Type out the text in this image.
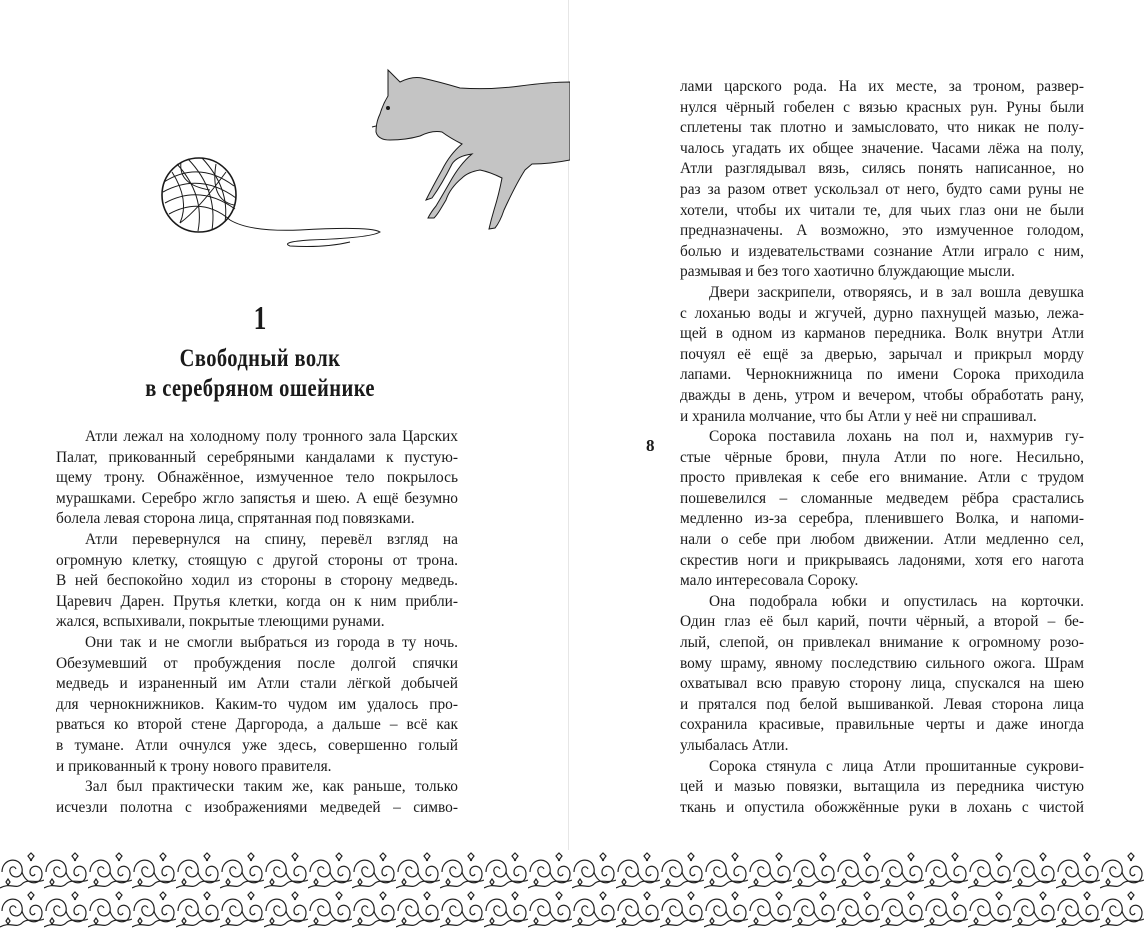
1
Свободный волк
в серебряном ошейнике
Атли лежал на холодному полу тронного зала Царских
Палат, прикованный серебряными кандалами к пустую-
щему трону. Обнажённое, измученное тело покрылось
мурашками. Серебро жгло запястья и шею. А ещё безумно
болела левая сторона лица, спрятанная под повязками.
Атли перевернулся на спину, перевёл взгляд на
огромную клетку, стоящую с другой стороны от трона.
В ней беспокойно ходил из стороны в сторону медведь.
Царевич Дарен. Прутья клетки, когда он к ним прибли-
жался, вспыхивали, покрытые тлеющими рунами.
Они так и не смогли выбраться из города в ту ночь.
Обезумевший от пробуждения после долгой спячки
медведь и израненный им Атли стали лёгкой добычей
для чернокнижников. Каким-то чудом им удалось про-
рваться ко второй стене Даргорода, а дальше – всё как
в тумане. Атли очнулся уже здесь, совершенно голый
и прикованный к трону нового правителя.
Зал был практически таким же, как раньше, только
исчезли полотна с изображениями медведей – симво-
8
лами царского рода. На их месте, за троном, развер-
нулся чёрный гобелен с вязью красных рун. Руны были
сплетены так плотно и замысловато, что никак не полу-
чалось угадать их общее значение. Часами лёжа на полу,
Атли разглядывал вязь, силясь понять написанное, но
раз за разом ответ ускользал от него, будто сами руны не
хотели, чтобы их читали те, для чьих глаз они не были
предназначены. А возможно, это измученное голодом,
болью и издевательствами сознание Атли играло с ним,
размывая и без того хаотично блуждающие мысли.
Двери заскрипели, отворяясь, и в зал вошла девушка
с лоханью воды и жгучей, дурно пахнущей мазью, лежа-
щей в одном из карманов передника. Волк внутри Атли
почуял её ещё за дверью, зарычал и прикрыл морду
лапами. Чернокнижница по имени Сорока приходила
дважды в день, утром и вечером, чтобы обработать рану,
и хранила молчание, что бы Атли у неё ни спрашивал.
Сорока поставила лохань на пол и, нахмурив гу-
стые чёрные брови, пнула Атли по ноге. Несильно,
просто привлекая к себе его внимание. Атли с трудом
пошевелился – сломанные медведем рёбра срастались
медленно из-за серебра, пленившего Волка, и напоми-
нали о себе при любом движении. Атли медленно сел,
скрестив ноги и прикрываясь ладонями, хотя его нагота
мало интересовала Сороку.
Она подобрала юбки и опустилась на корточки.
Один глаз её был карий, почти чёрный, а второй – бе-
лый, слепой, он привлекал внимание к огромному розо-
вому шраму, явному последствию сильного ожога. Шрам
охватывал всю правую сторону лица, спускался на шею
и прятался под белой вышиванкой. Левая сторона лица
сохранила красивые, правильные черты и даже иногда
улыбалась Атли.
Сорока стянула с лица Атли прошитанные сукрови-
цей и мазью повязки, вытащила из передника чистую
ткань и опустила обожжённые руки в лохань с чистой
